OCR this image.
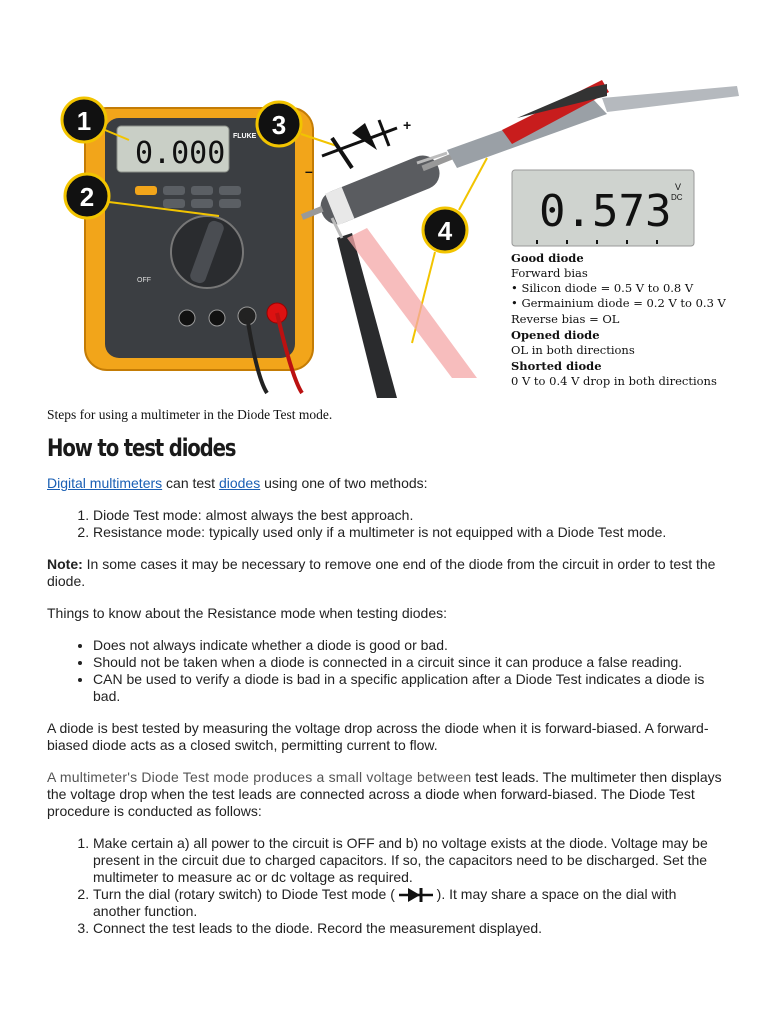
0.000 FLUKE
OFF
1
2
3
4
+
–
0.573 V
DC
Good diode
Forward bias
• Silicon diode = 0.5 V to 0.8 V
• Germainium diode = 0.2 V to 0.3 V
Reverse bias = OL
Opened diode
OL in both directions
Shorted diode
0 V to 0.4 V drop in both directions
Steps for using a multimeter in the Diode Test mode.
How to test diodes

Digital multimeters can test diodes using one of two methods:

1. Diode Test mode: almost always the best approach.
2. Resistance mode: typically used only if a multimeter is not equipped with a Diode Test mode.

Note: In some cases it may be necessary to remove one end of the diode from the circuit in order to test the diode.

Things to know about the Resistance mode when testing diodes:

• Does not always indicate whether a diode is good or bad.
• Should not be taken when a diode is connected in a circuit since it can produce a false reading.
• CAN be used to verify a diode is bad in a specific application after a Diode Test indicates a diode is bad.

A diode is best tested by measuring the voltage drop across the diode when it is forward-biased. A forward-biased diode acts as a closed switch, permitting current to flow.

A multimeter's Diode Test mode produces a small voltage between test leads. The multimeter then displays the voltage drop when the test leads are connected across a diode when forward-biased. The Diode Test procedure is conducted as follows:

1. Make certain a) all power to the circuit is OFF and b) no voltage exists at the diode. Voltage may be present in the circuit due to charged capacitors. If so, the capacitors need to be discharged. Set the multimeter to measure ac or dc voltage as required.
2. Turn the dial (rotary switch) to Diode Test mode (  ). It may share a space on the dial with another function.
3. Connect the test leads to the diode. Record the measurement displayed.
